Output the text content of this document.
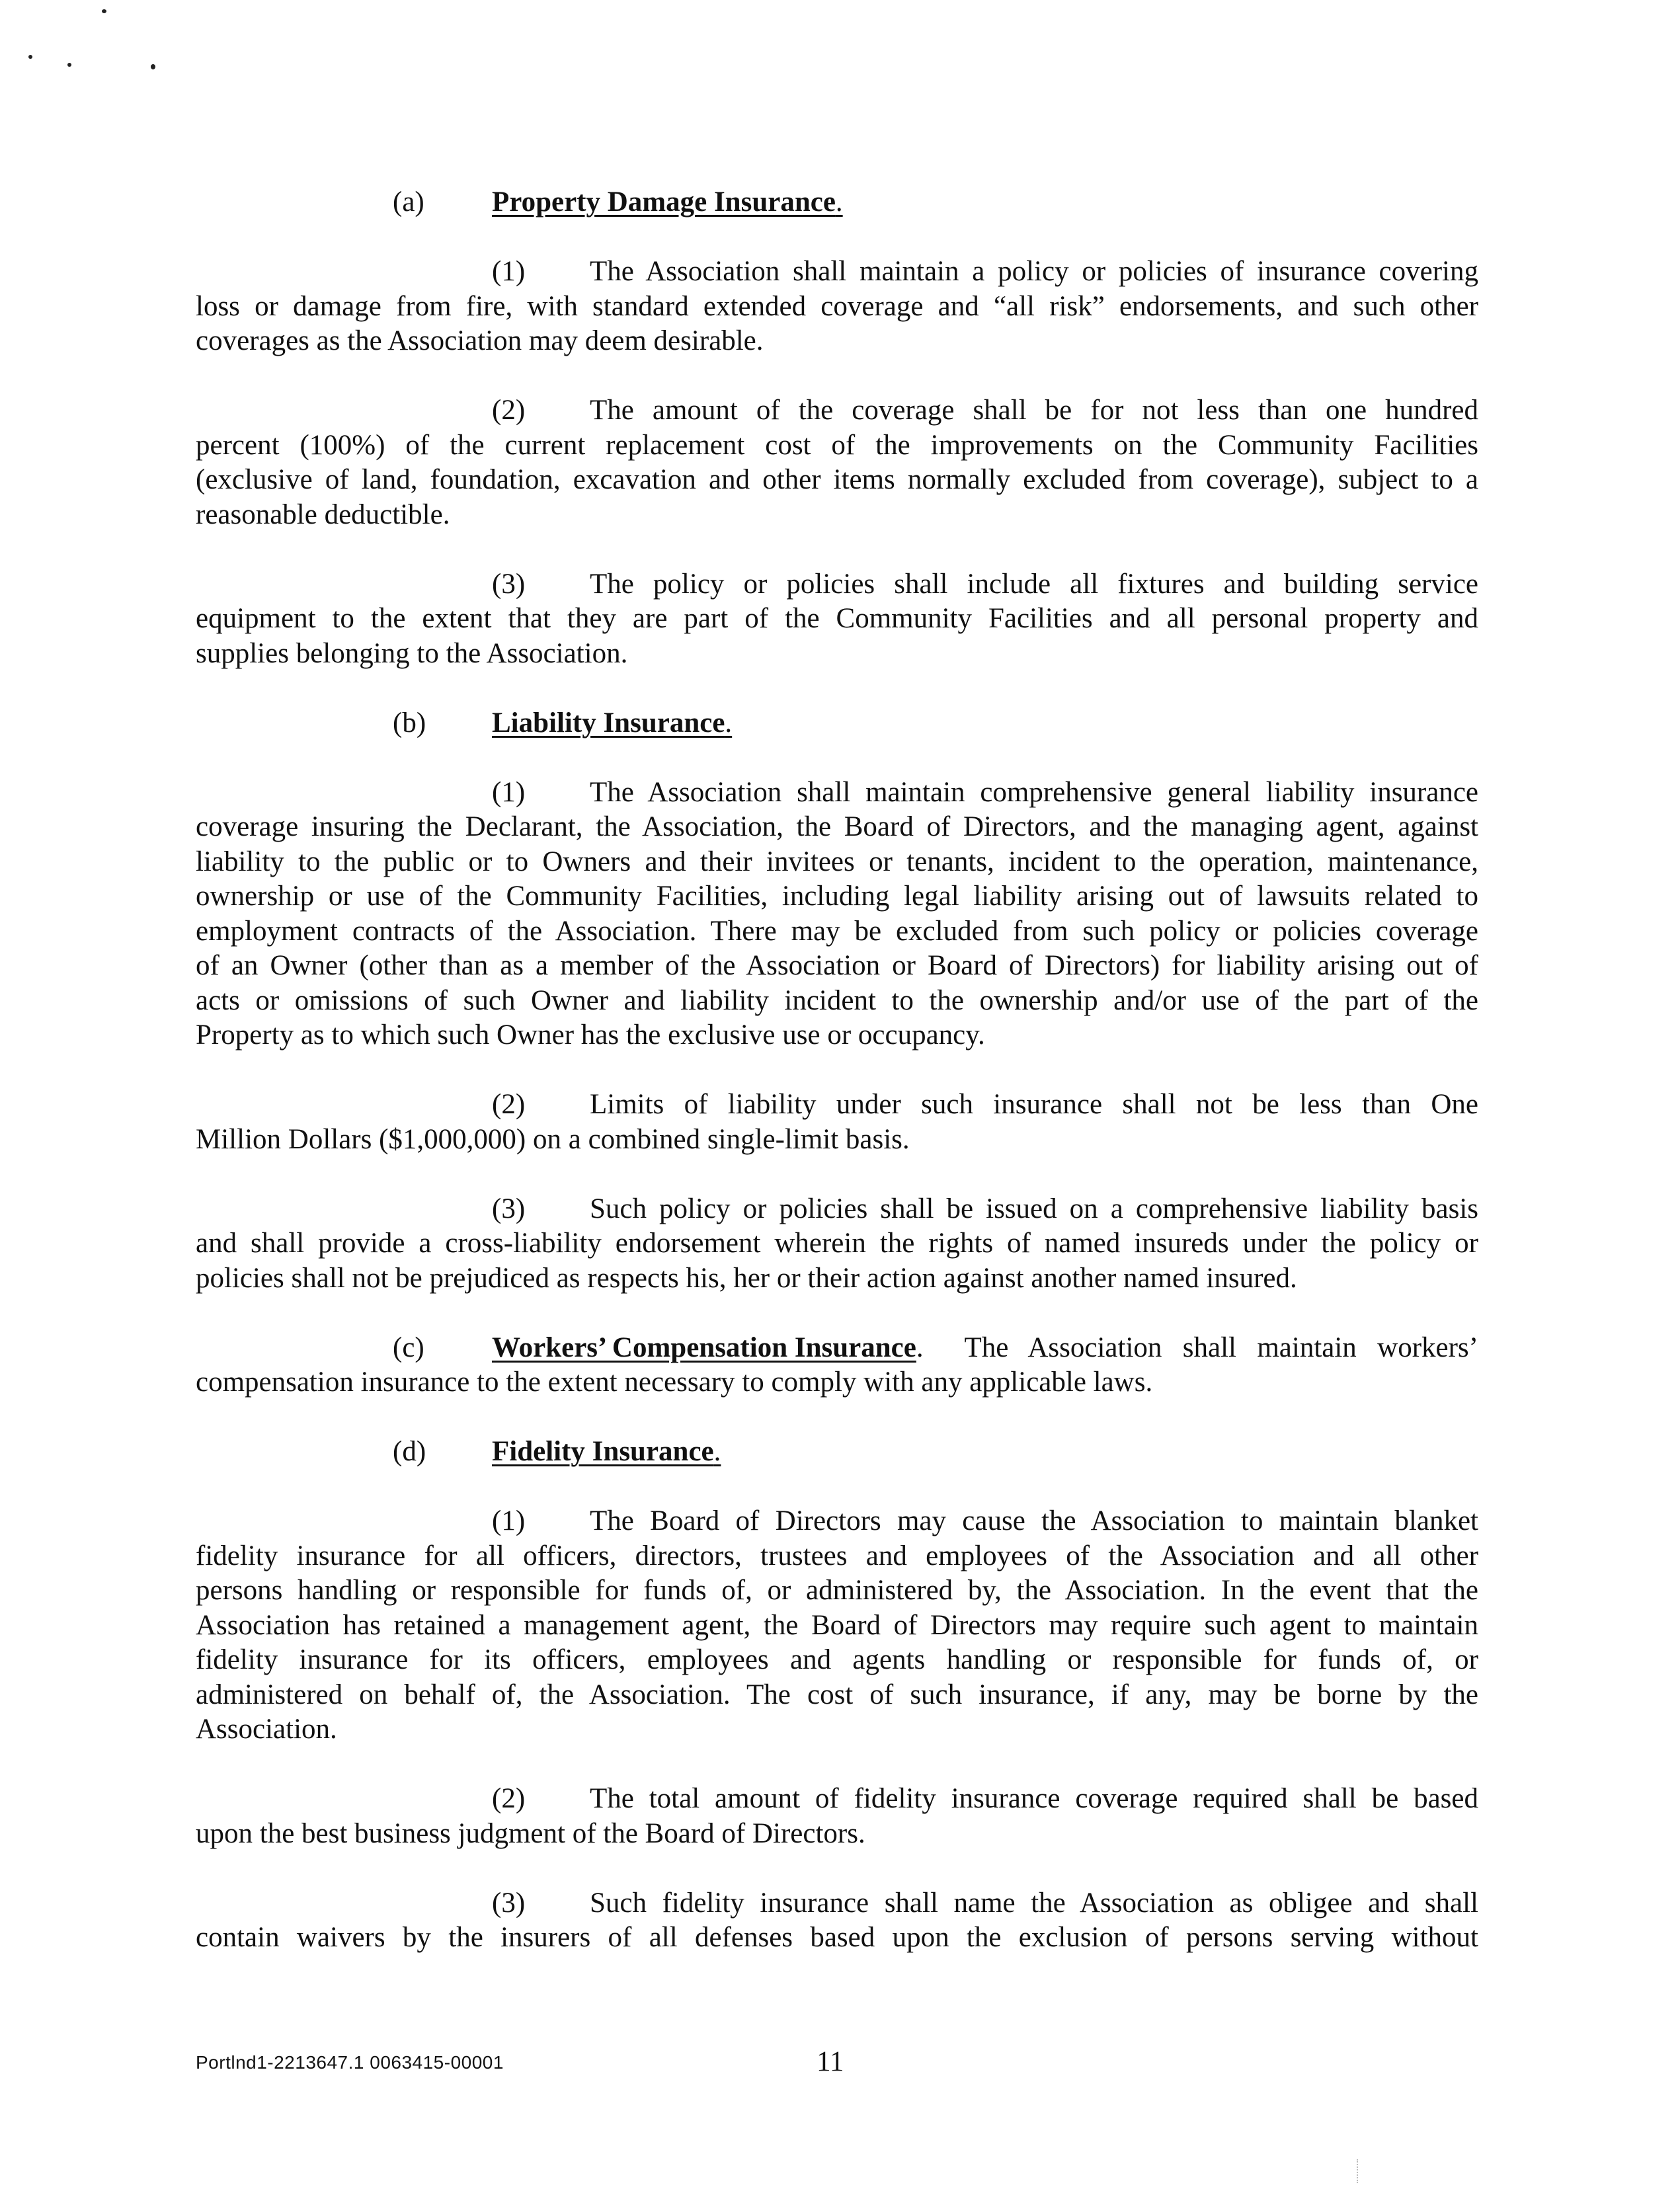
(a) Property Damage Insurance.
(1)	The Association shall maintain a policy or policies of insurance covering
loss or damage from fire, with standard extended coverage and “all risk” endorsements, and such other
coverages as the Association may deem desirable.
(2)	The amount of the coverage shall be for not less than one hundred
percent (100%) of the current replacement cost of the improvements on the Community Facilities
(exclusive of land, foundation, excavation and other items normally excluded from coverage), subject to a
reasonable deductible.
(3)	The policy or policies shall include all fixtures and building service
equipment to the extent that they are part of the Community Facilities and all personal property and
supplies belonging to the Association.
(b) Liability Insurance.
(1)	The Association shall maintain comprehensive general liability insurance
coverage insuring the Declarant, the Association, the Board of Directors, and the managing agent, against
liability to the public or to Owners and their invitees or tenants, incident to the operation, maintenance,
ownership or use of the Community Facilities, including legal liability arising out of lawsuits related to
employment contracts of the Association. There may be excluded from such policy or policies coverage
of an Owner (other than as a member of the Association or Board of Directors) for liability arising out of
acts or omissions of such Owner and liability incident to the ownership and/or use of the part of the
Property as to which such Owner has the exclusive use or occupancy.
(2)	Limits of liability under such insurance shall not be less than One
Million Dollars ($1,000,000) on a combined single-limit basis.
(3)	Such policy or policies shall be issued on a comprehensive liability basis
and shall provide a cross-liability endorsement wherein the rights of named insureds under the policy or
policies shall not be prejudiced as respects his, her or their action against another named insured.
(c) Workers’ Compensation Insurance .  The Association shall maintain workers’
compensation insurance to the extent necessary to comply with any applicable laws.
(d) Fidelity Insurance.
(1)	The Board of Directors may cause the Association to maintain blanket
fidelity insurance for all officers, directors, trustees and employees of the Association and all other
persons handling or responsible for funds of, or administered by, the Association. In the event that the
Association has retained a management agent, the Board of Directors may require such agent to maintain
fidelity insurance for its officers, employees and agents handling or responsible for funds of, or
administered on behalf of, the Association. The cost of such insurance, if any, may be borne by the
Association.
(2)	The total amount of fidelity insurance coverage required shall be based
upon the best business judgment of the Board of Directors.
(3)	Such fidelity insurance shall name the Association as obligee and shall
contain waivers by the insurers of all defenses based upon the exclusion of persons serving without
Portlnd1-2213647.1 0063415-00001	11
